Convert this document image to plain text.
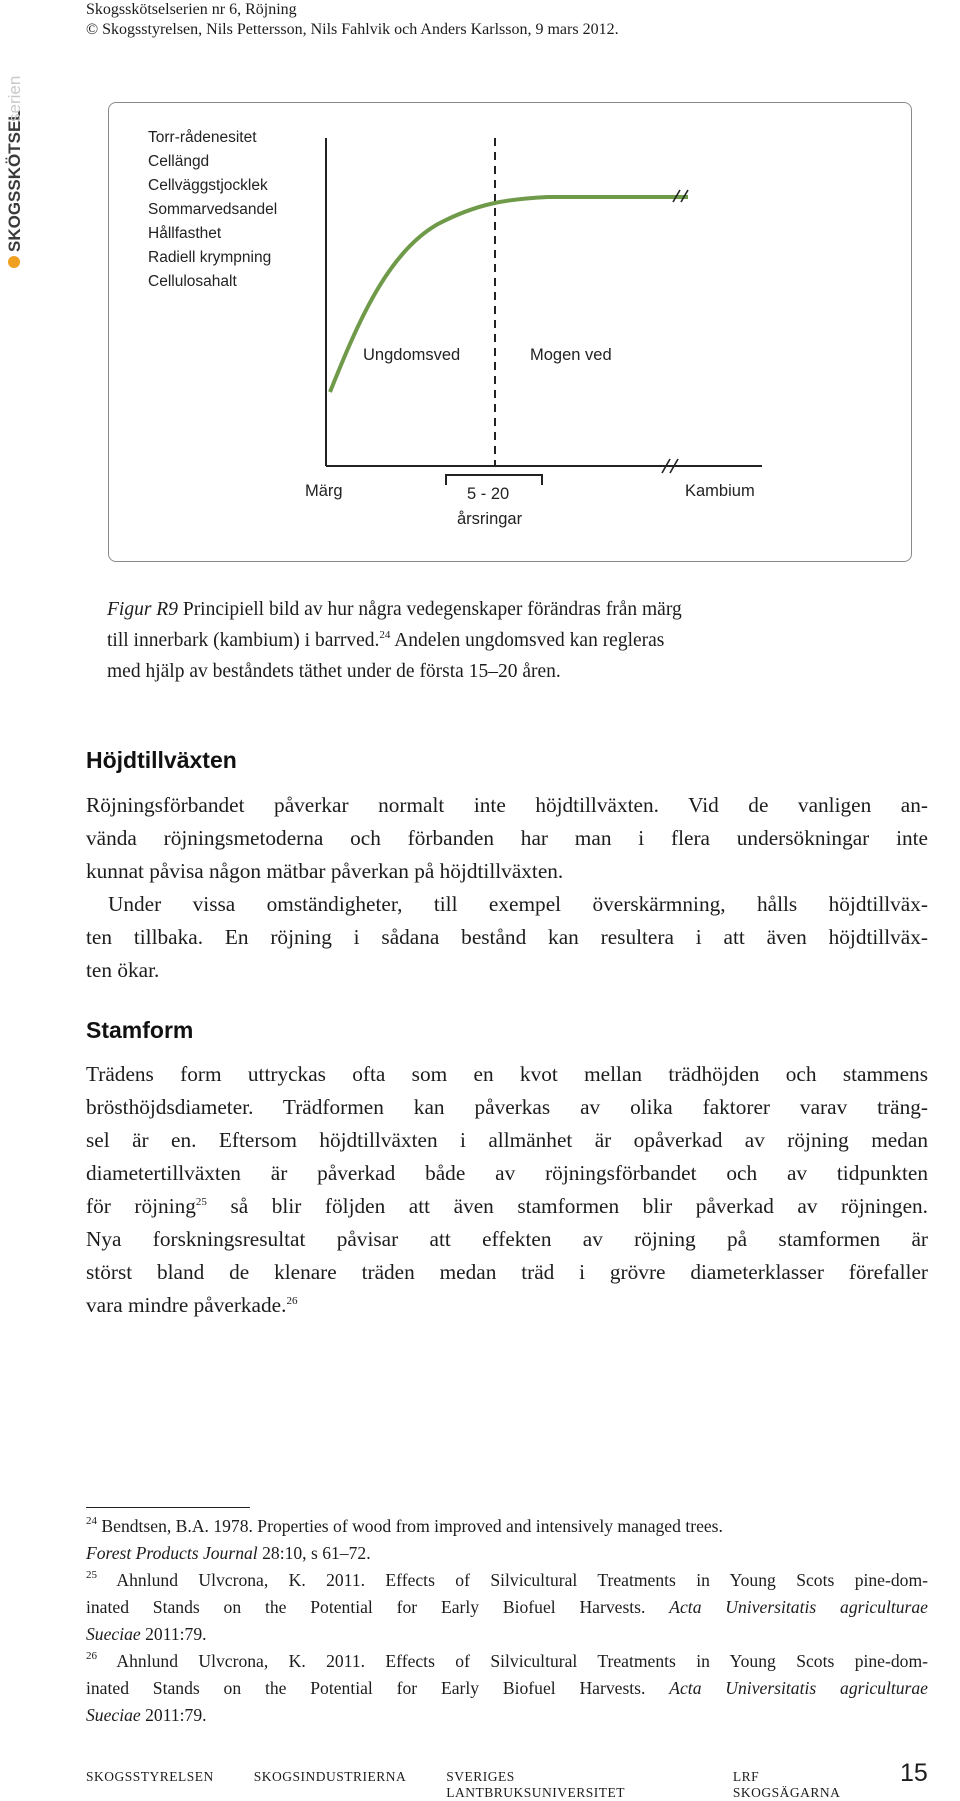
Skogsskötselserien nr 6, Röjning
© Skogsstyrelsen, Nils Pettersson, Nils Fahlvik och Anders Karlsson, 9 mars 2012.
SKOGSSKÖTSEL
serien
Torr-rådenesitet
Cellängd
Cellväggstjocklek
Sommarvedsandel
Hållfasthet
Radiell krympning
Cellulosahalt
Ungdomsved	Mogen ved
Märg	5 - 20
årsringar
Kambium
Figur R9 Principiell bild av hur några vedegenskaper förändras från märg
till innerbark (kambium) i barrved.$^{24}$ Andelen ungdomsved kan regleras
med hjälp av beståndets täthet under de första 15–20 åren.
Höjdtillväxten
Röjningsförbandet påverkar normalt inte höjdtillväxten. Vid de vanligen an-
vända röjningsmetoderna och förbanden har man i flera undersökningar inte
kunnat påvisa någon mätbar påverkan på höjdtillväxten.
Under vissa omständigheter, till exempel överskärmning, hålls höjdtillväx-
ten tillbaka. En röjning i sådana bestånd kan resultera i att även höjdtillväx-
ten ökar.
Stamform
Trädens form uttryckas ofta som en kvot mellan trädhöjden och stammens
brösthöjdsdiameter. Trädformen kan påverkas av olika faktorer varav träng-
sel är en. Eftersom höjdtillväxten i allmänhet är opåverkad av röjning medan
diametertillväxten är påverkad både av röjningsförbandet och av tidpunkten
för röjning$^{25}$ så blir följden att även stamformen blir påverkad av röjningen.
Nya forskningsresultat påvisar att effekten av röjning på stamformen är
störst bland de klenare träden medan träd i grövre diameterklasser förefaller
vara mindre påverkade.$^{26}$
$^{24}$ Bendtsen, B.A. 1978. Properties of wood from improved and intensively managed trees.
Forest Products Journal 28:10, s 61–72.
$^{25}$ Ahnlund Ulvcrona, K. 2011. Effects of Silvicultural Treatments in Young Scots pine-dom-
inated Stands on the Potential for Early Biofuel Harvests. Acta Universitatis agriculturae
Sueciae 2011:79.
$^{26}$ Ahnlund Ulvcrona, K. 2011. Effects of Silvicultural Treatments in Young Scots pine-dom-
inated Stands on the Potential for Early Biofuel Harvests. Acta Universitatis agriculturae
Sueciae 2011:79.
SKOGSSTYRELSEN	SKOGSINDUSTRIERNA	SVERIGES LANTBRUKSUNIVERSITET
LRF SKOGSÄGARNA
15
